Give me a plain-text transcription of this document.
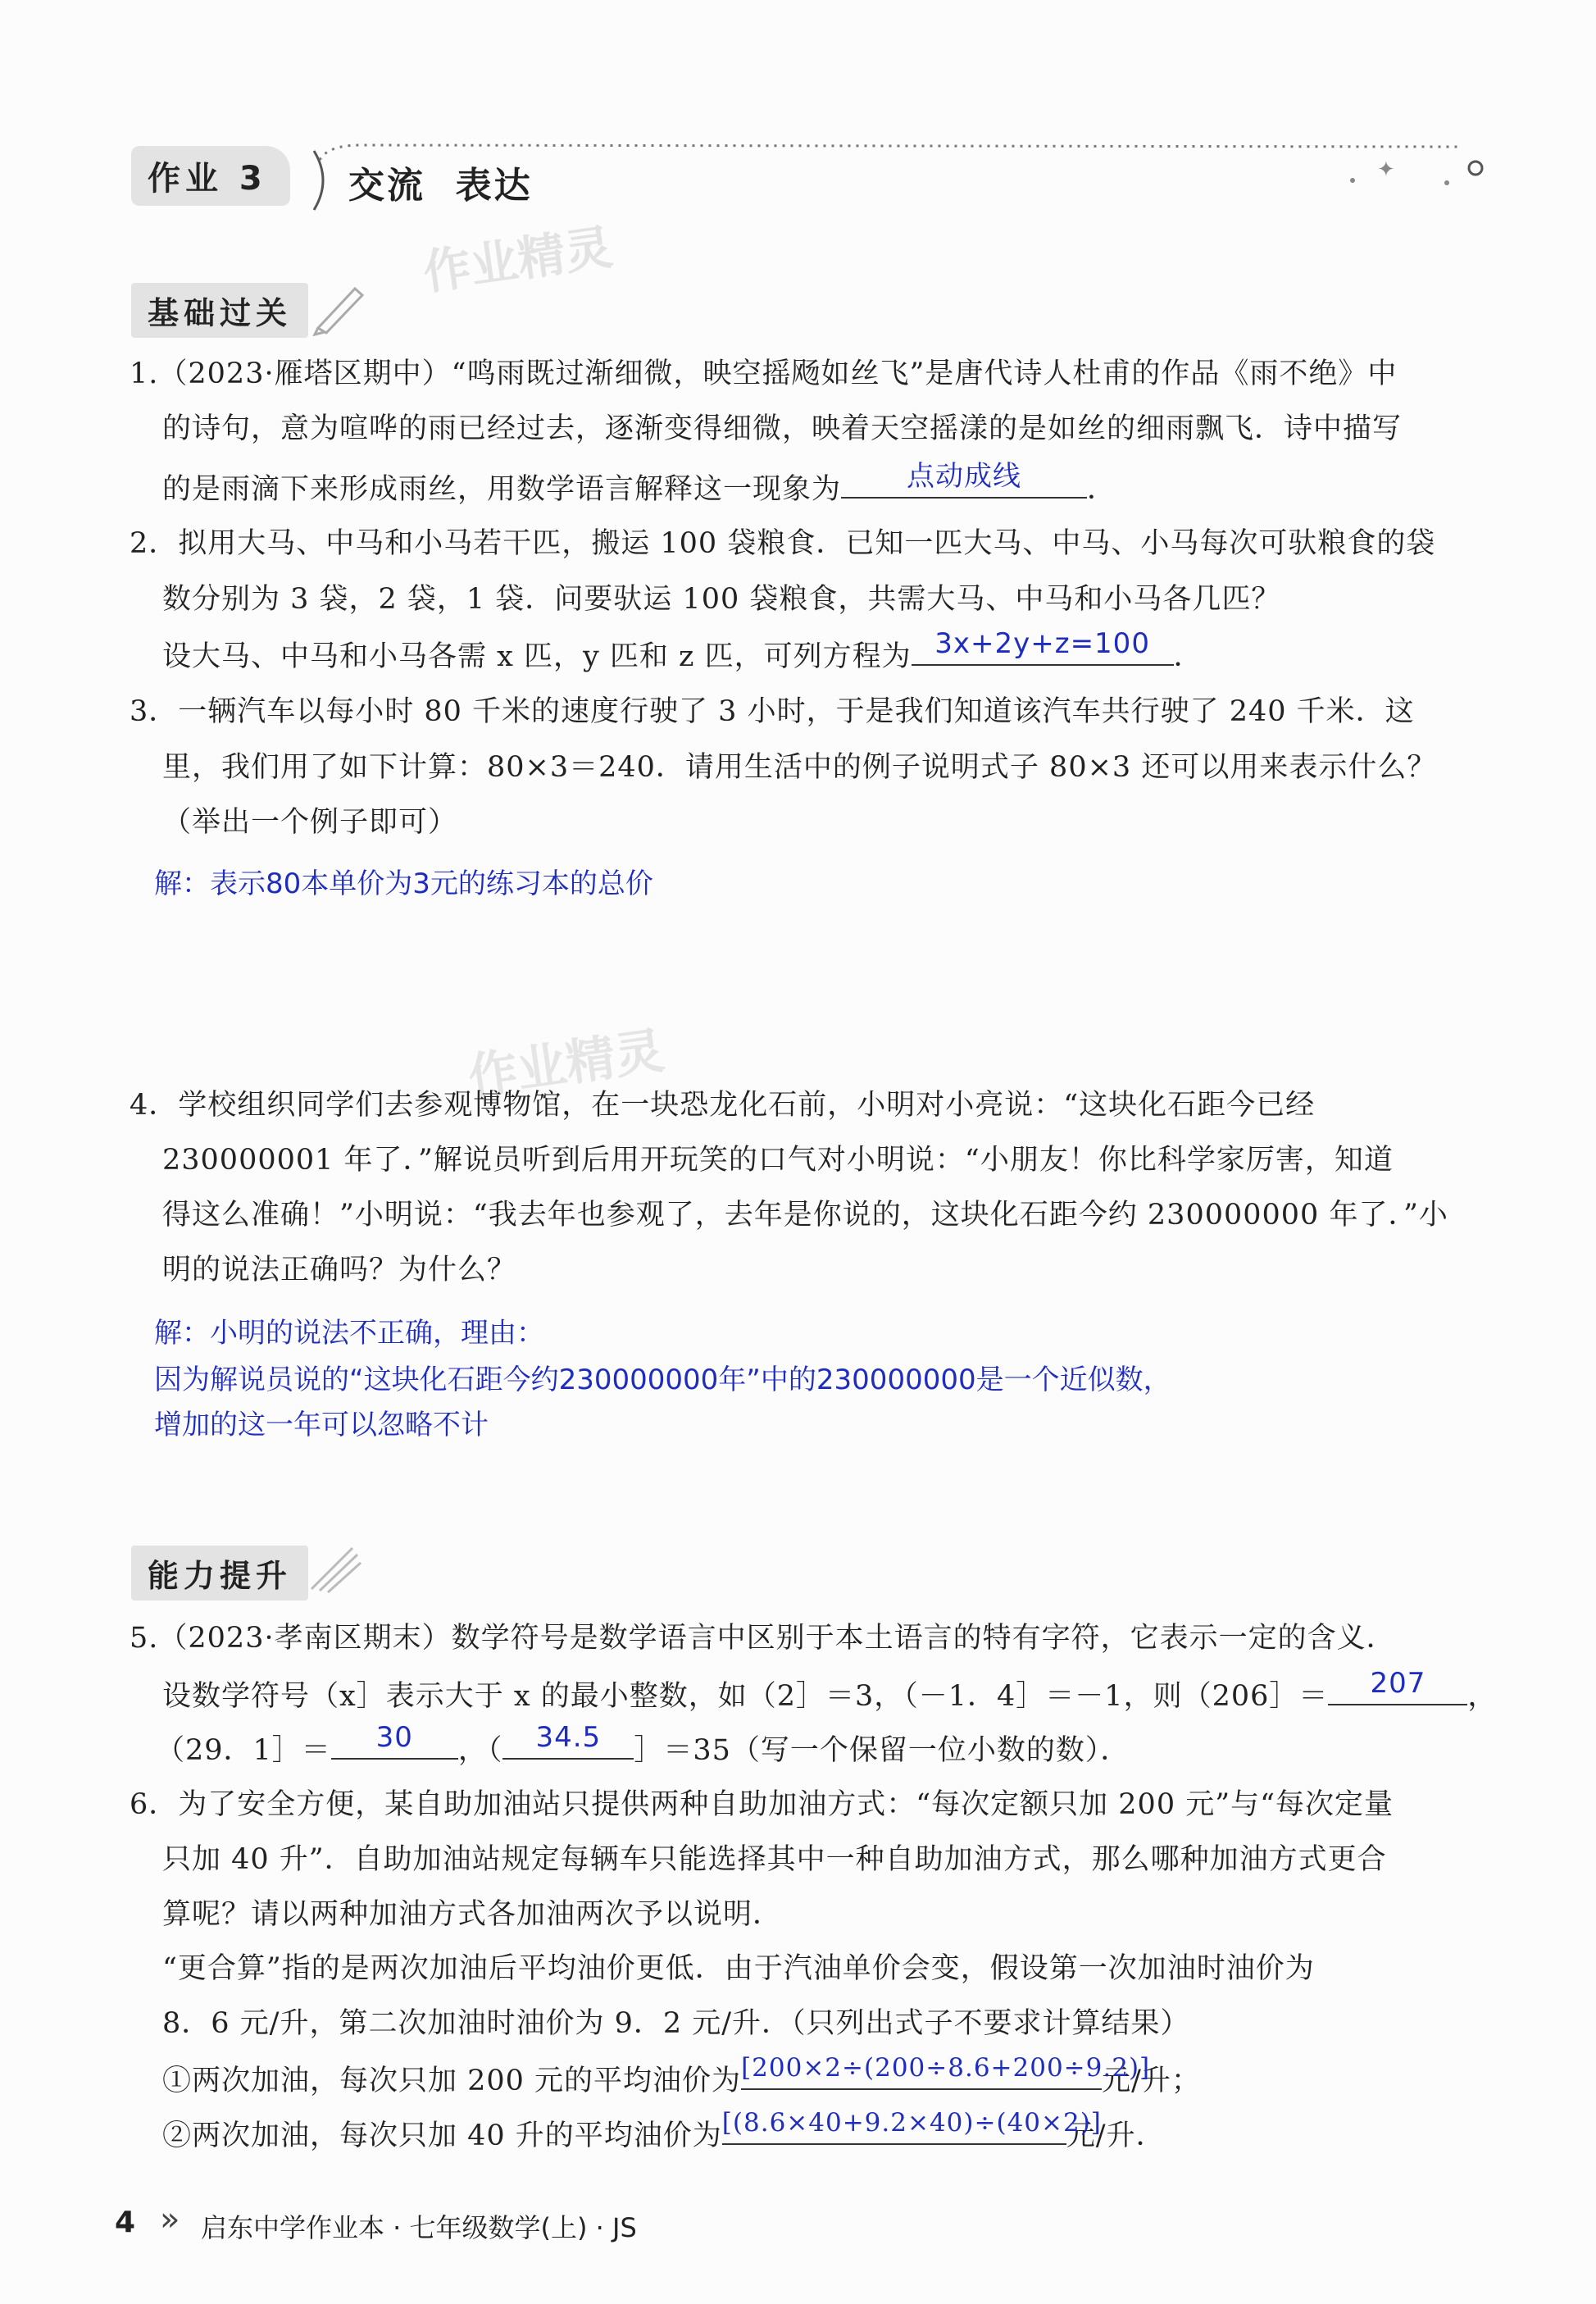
作业 3	交流  表达	✦
作业精灵
基础过关
1.（2023·雁塔区期中）“鸣雨既过渐细微，映空摇飏如丝飞”是唐代诗人杜甫的作品《雨不绝》中
的诗句，意为喧哗的雨已经过去，逐渐变得细微，映着天空摇漾的是如丝的细雨飘飞．诗中描写
的是雨滴下来形成雨丝，用数学语言解释这一现象为	点动成线	．
2．拟用大马、中马和小马若干匹，搬运 100 袋粮食．已知一匹大马、中马、小马每次可驮粮食的袋
数分别为 3 袋，2 袋，1 袋．问要驮运 100 袋粮食，共需大马、中马和小马各几匹？
设大马、中马和小马各需 x 匹，y 匹和 z 匹，可列方程为 3x+2y+z=100 ．
3．一辆汽车以每小时 80 千米的速度行驶了 3 小时，于是我们知道该汽车共行驶了 240 千米．这
里，我们用了如下计算：80×3＝240．请用生活中的例子说明式子 80×3 还可以用来表示什么？
（举出一个例子即可）
解：表示80本单价为3元的练习本的总价
作业精灵
4．学校组织同学们去参观博物馆，在一块恐龙化石前，小明对小亮说：“这块化石距今已经
230000001 年了．”解说员听到后用开玩笑的口气对小明说：“小朋友！你比科学家厉害，知道
得这么准确！”小明说：“我去年也参观了，去年是你说的，这块化石距今约 230000000 年了．”小
明的说法正确吗？为什么？
解：小明的说法不正确，理由：
因为解说员说的“这块化石距今约230000000年”中的230000000是一个近似数，
增加的这一年可以忽略不计
能力提升
5.（2023·孝南区期末）数学符号是数学语言中区别于本土语言的特有字符，它表示一定的含义．
设数学符号（x］表示大于 x 的最小整数，如（2］＝3，（－1．4］＝－1，则（206］＝	207	，
（29．1］＝	30	，（	34.5	］＝35（写一个保留一位小数的数）．
6．为了安全方便，某自助加油站只提供两种自助加油方式：“每次定额只加 200 元”与“每次定量
只加 40 升”．自助加油站规定每辆车只能选择其中一种自助加油方式，那么哪种加油方式更合
算呢？请以两种加油方式各加油两次予以说明．
“更合算”指的是两次加油后平均油价更低．由于汽油单价会变，假设第一次加油时油价为
8．6 元/升，第二次加油时油价为 9．2 元/升．（只列出式子不要求计算结果）
①两次加油，每次只加 200 元的平均油价为 [200×2÷(200÷8.6+200÷9.2)]
元/升；
②两次加油，每次只加 40 升的平均油价为 [(8.6×40+9.2×40)÷(40×2)]
元/升．
4 » 启东中学作业本 · 七年级数学(上) · JS
